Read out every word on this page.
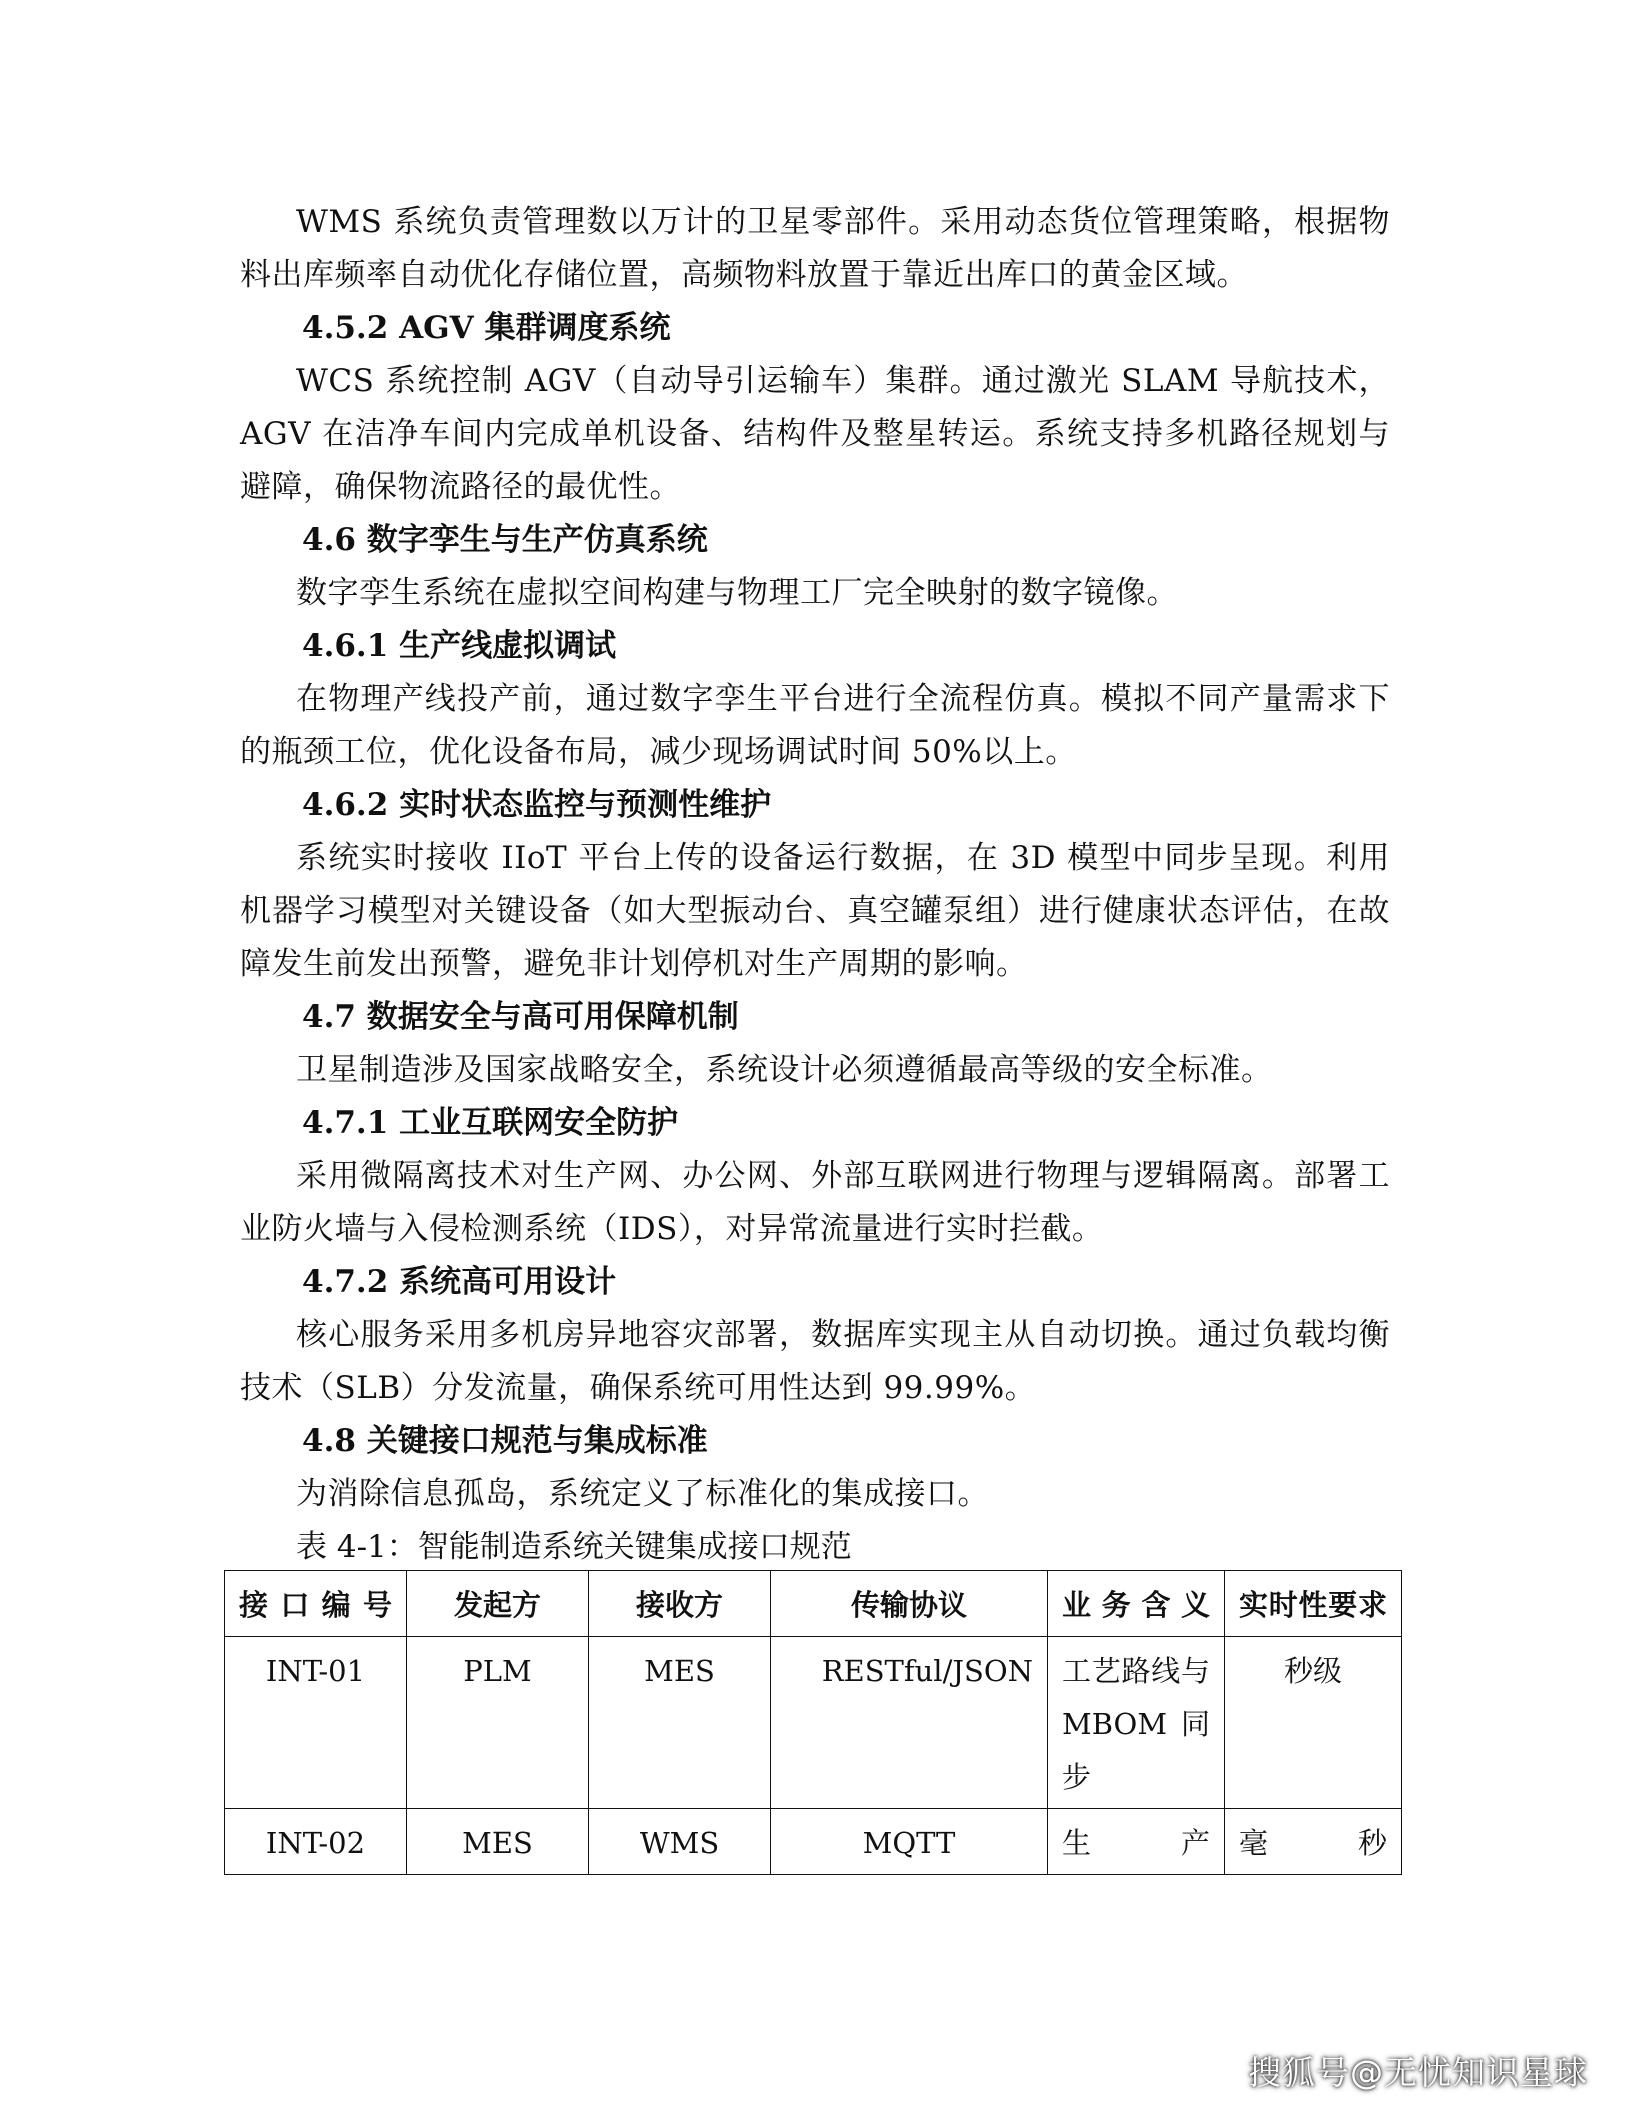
WMS 系统负责管理数以万计的卫星零部件。采用动态货位管理策略，根据物料出库频率自动优化存储位置，高频物料放置于靠近出库口的黄金区域。

4.5.2 AGV 集群调度系统

WCS 系统控制 AGV（自动导引运输车）集群。通过激光 SLAM 导航技术，AGV 在洁净车间内完成单机设备、结构件及整星转运。系统支持多机路径规划与避障，确保物流路径的最优性。

4.6 数字孪生与生产仿真系统

数字孪生系统在虚拟空间构建与物理工厂完全映射的数字镜像。

4.6.1 生产线虚拟调试

在物理产线投产前，通过数字孪生平台进行全流程仿真。模拟不同产量需求下的瓶颈工位，优化设备布局，减少现场调试时间 50%以上。

4.6.2 实时状态监控与预测性维护

系统实时接收 IIoT 平台上传的设备运行数据，在 3D 模型中同步呈现。利用机器学习模型对关键设备（如大型振动台、真空罐泵组）进行健康状态评估，在故障发生前发出预警，避免非计划停机对生产周期的影响。

4.7 数据安全与高可用保障机制

卫星制造涉及国家战略安全，系统设计必须遵循最高等级的安全标准。

4.7.1 工业互联网安全防护

采用微隔离技术对生产网、办公网、外部互联网进行物理与逻辑隔离。部署工业防火墙与入侵检测系统（IDS），对异常流量进行实时拦截。

4.7.2 系统高可用设计

核心服务采用多机房异地容灾部署，数据库实现主从自动切换。通过负载均衡技术（SLB）分发流量，确保系统可用性达到 99.99%。

4.8 关键接口规范与集成标准

为消除信息孤岛，系统定义了标准化的集成接口。

表 4-1：智能制造系统关键集成接口规范

接口编号	发起方	接收方	传输协议	业务含义	实时性要求
INT-01	PLM	MES	RESTful/JSON	工艺路线与MBOM 同步	秒级
INT-02	MES	WMS	MQTT	生产	毫秒
搜狐号@无忧知识星球
